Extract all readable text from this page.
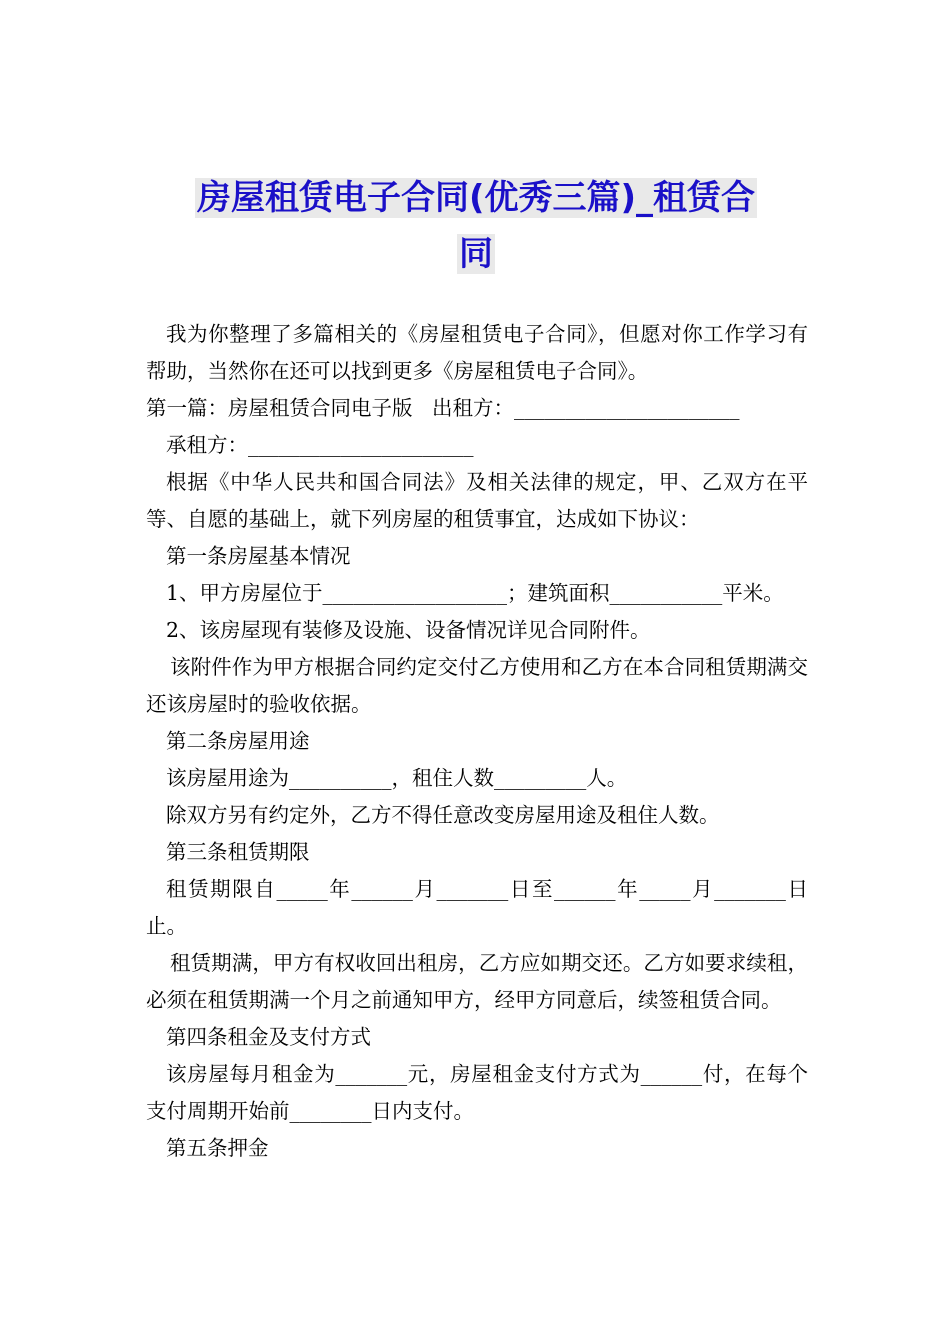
房屋租赁电子合同(优秀三篇)_租赁合
同

我为你整理了多篇相关的《房屋租赁电子合同》，但愿对你工作学习有帮助，当然你在还可以找到更多《房屋租赁电子合同》。

第一篇：房屋租赁合同电子版   出租方：______________________

承租方：______________________

根据《中华人民共和国合同法》及相关法律的规定，甲、乙双方在平等、自愿的基础上，就下列房屋的租赁事宜，达成如下协议：

第一条房屋基本情况

1、甲方房屋位于__________________；建筑面积___________平米。

2、该房屋现有装修及设施、设备情况详见合同附件。

该附件作为甲方根据合同约定交付乙方使用和乙方在本合同租赁期满交还该房屋时的验收依据。

第二条房屋用途

该房屋用途为__________，租住人数_________人。

除双方另有约定外，乙方不得任意改变房屋用途及租住人数。

第三条租赁期限

租赁期限自_____年______月_______日至______年_____月_______日止。

租赁期满，甲方有权收回出租房，乙方应如期交还。乙方如要求续租，必须在租赁期满一个月之前通知甲方，经甲方同意后，续签租赁合同。

第四条租金及支付方式

该房屋每月租金为_______元，房屋租金支付方式为______付，在每个支付周期开始前________日内支付。

第五条押金
